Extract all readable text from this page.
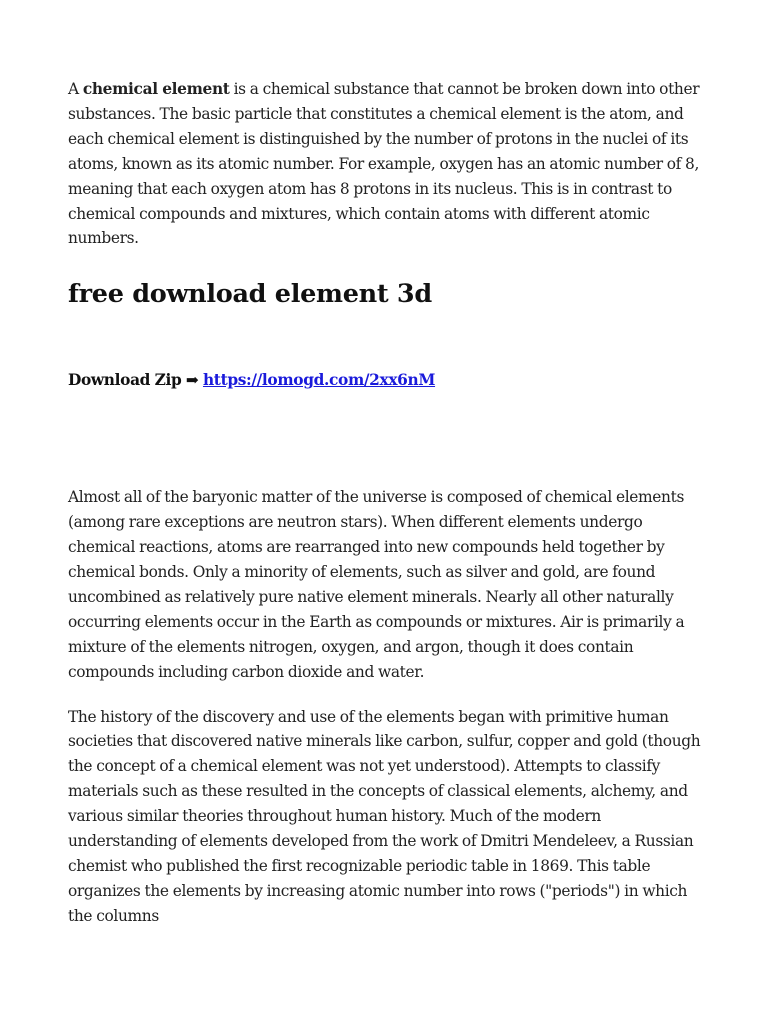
A chemical element is a chemical substance that cannot be broken down into other substances. The basic particle that constitutes a chemical element is the atom, and each chemical element is distinguished by the number of protons in the nuclei of its atoms, known as its atomic number. For example, oxygen has an atomic number of 8, meaning that each oxygen atom has 8 protons in its nucleus. This is in contrast to chemical compounds and mixtures, which contain atoms with different atomic numbers.

free download element 3d

Download Zip ➡ https://lomogd.com/2xx6nM

Almost all of the baryonic matter of the universe is composed of chemical elements (among rare exceptions are neutron stars). When different elements undergo chemical reactions, atoms are rearranged into new compounds held together by chemical bonds. Only a minority of elements, such as silver and gold, are found uncombined as relatively pure native element minerals. Nearly all other naturally occurring elements occur in the Earth as compounds or mixtures. Air is primarily a mixture of the elements nitrogen, oxygen, and argon, though it does contain compounds including carbon dioxide and water.

The history of the discovery and use of the elements began with primitive human societies that discovered native minerals like carbon, sulfur, copper and gold (though the concept of a chemical element was not yet understood). Attempts to classify materials such as these resulted in the concepts of classical elements, alchemy, and various similar theories throughout human history. Much of the modern understanding of elements developed from the work of Dmitri Mendeleev, a Russian chemist who published the first recognizable periodic table in 1869. This table organizes the elements by increasing atomic number into rows ("periods") in which the columns
